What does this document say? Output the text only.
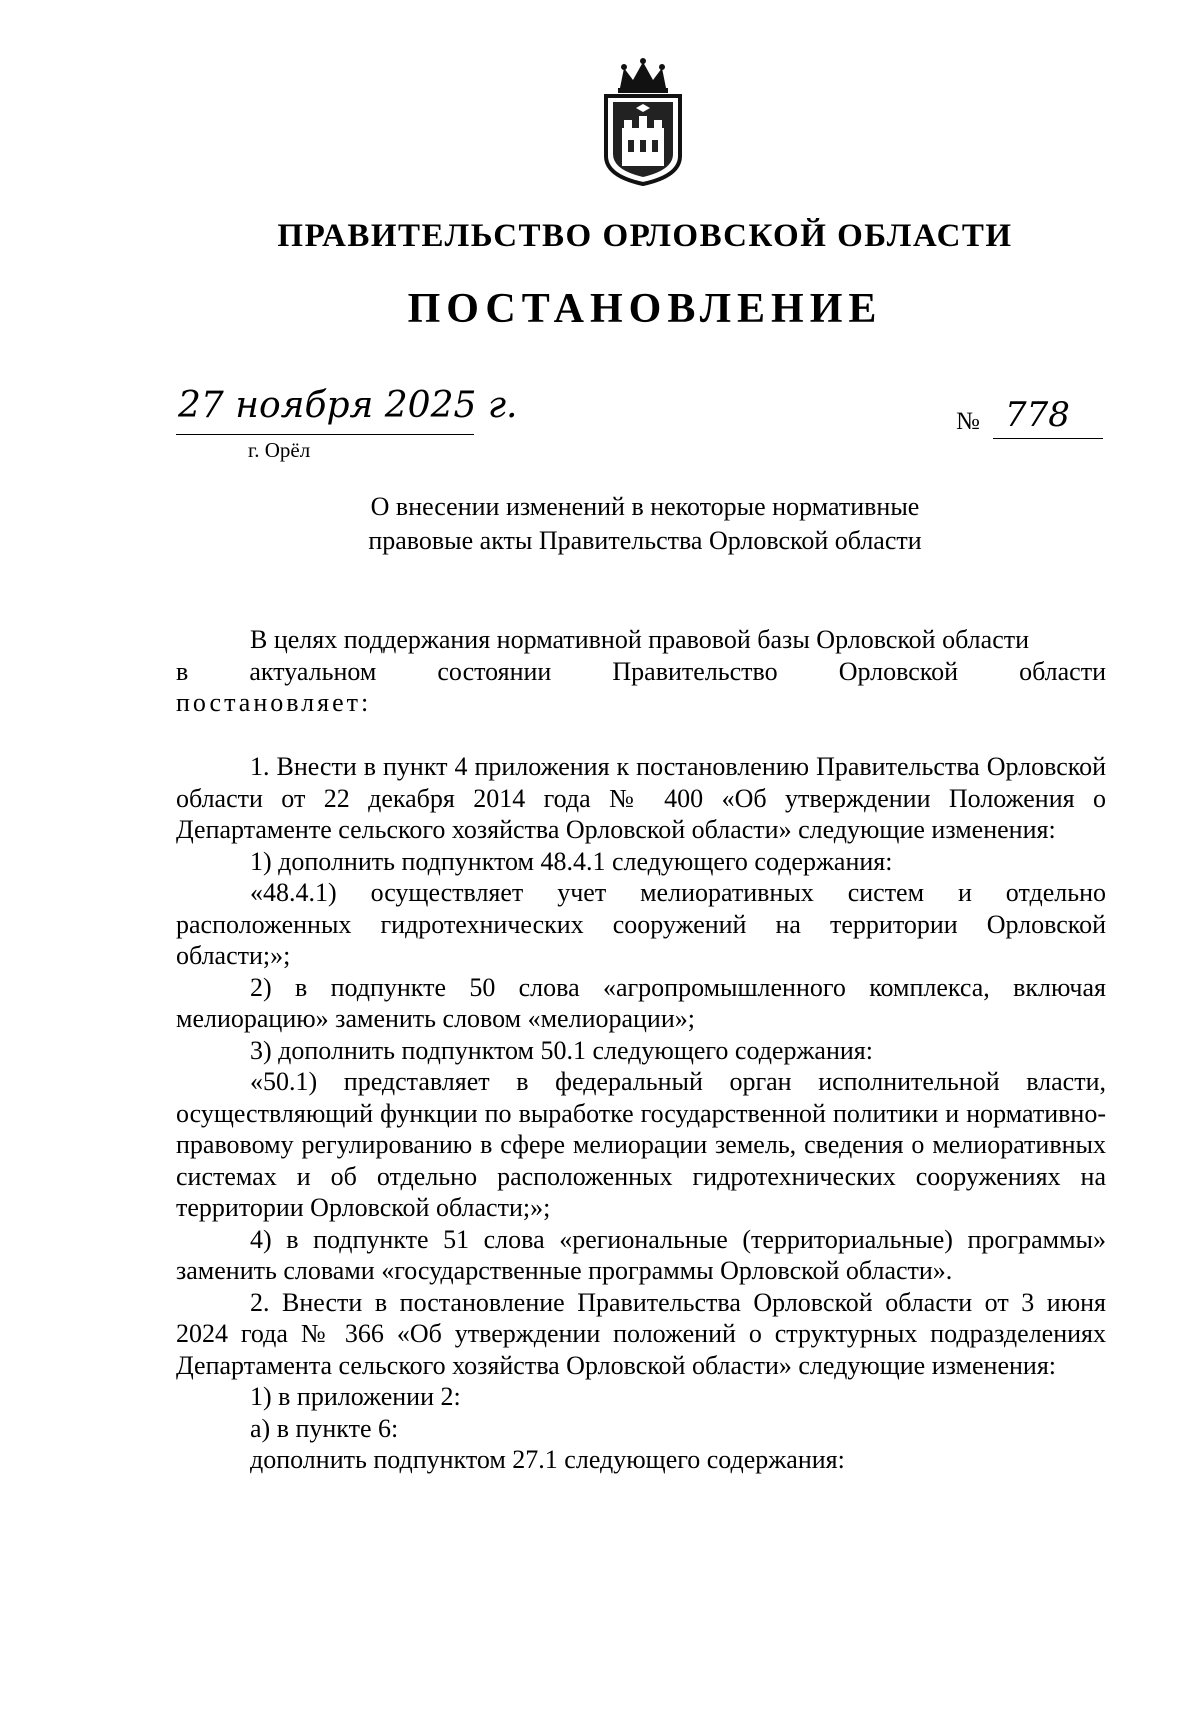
ПРАВИТЕЛЬСТВО ОРЛОВСКОЙ ОБЛАСТИ
ПОСТАНОВЛЕНИЕ
27 ноября 2025 г.
г. Орёл
№ 778
О внесении изменений в некоторые нормативные
правовые акты Правительства Орловской области

В целях поддержания нормативной правовой базы Орловской области

в актуальном состоянии Правительство Орловской области

постановляет:

1. Внести в пункт 4 приложения к постановлению Правительства Орловской области от 22 декабря 2014 года № 400 «Об утверждении Положения о Департаменте сельского хозяйства Орловской области» следующие изменения:

1) дополнить подпунктом 48.4.1 следующего содержания:

«48.4.1) осуществляет учет мелиоративных систем и отдельно расположенных гидротехнических сооружений на территории Орловской области;»;

2) в подпункте 50 слова «агропромышленного комплекса, включая мелиорацию» заменить словом «мелиорации»;

3) дополнить подпунктом 50.1 следующего содержания:

«50.1) представляет в федеральный орган исполнительной власти, осуществляющий функции по выработке государственной политики и нормативно-правовому регулированию в сфере мелиорации земель, сведения о мелиоративных системах и об отдельно расположенных гидротехнических сооружениях на территории Орловской области;»;

4) в подпункте 51 слова «региональные (территориальные) программы» заменить словами «государственные программы Орловской области».

2. Внести в постановление Правительства Орловской области от 3 июня 2024 года № 366 «Об утверждении положений о структурных подразделениях Департамента сельского хозяйства Орловской области» следующие изменения:

1) в приложении 2:

а) в пункте 6:

дополнить подпунктом 27.1 следующего содержания:
